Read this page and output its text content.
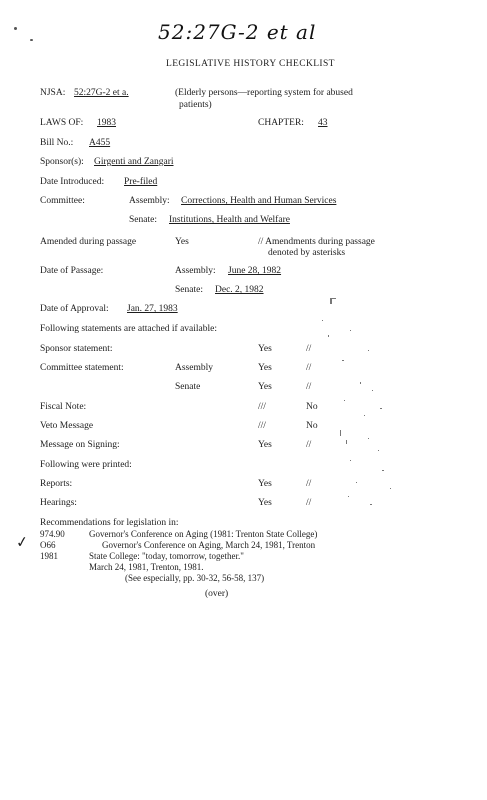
52:27G-2 et al
LEGISLATIVE HISTORY CHECKLIST
NJSA: 52:27G-2 et a.	(Elderly persons—reporting system for abused
patients)
LAWS OF: 1983	CHAPTER: 43
Bill No.: A455
Sponsor(s): Girgenti and Zangari
Date Introduced: Pre-filed
Committee:	Assembly: Corrections, Health and Human Services
Senate: Institutions, Health and Welfare
Amended during passage	Yes	// Amendments during passage
denoted by asterisks
Date of Passage:	Assembly: June 28, 1982
Senate: Dec. 2, 1982
Date of Approval: Jan. 27, 1983
Following statements are attached if available:
Sponsor statement:	Yes	//
Committee statement:	Assembly	Yes	//
Senate	Yes	//
Fiscal Note:	///	No
Veto Message	///	No
Message on Signing:	Yes	//
Following were printed:
Reports:	Yes	//
Hearings:	Yes	//
Recommendations for legislation in:
974.90	Governor's Conference on Aging (1981: Trenton State College)
O66	Governor's Conference on Aging, March 24, 1981, Trenton
1981	State College: "today, tomorrow, together."
March 24, 1981, Trenton, 1981.
(See especially, pp. 30-32, 56-58, 137)
✓
(over)
